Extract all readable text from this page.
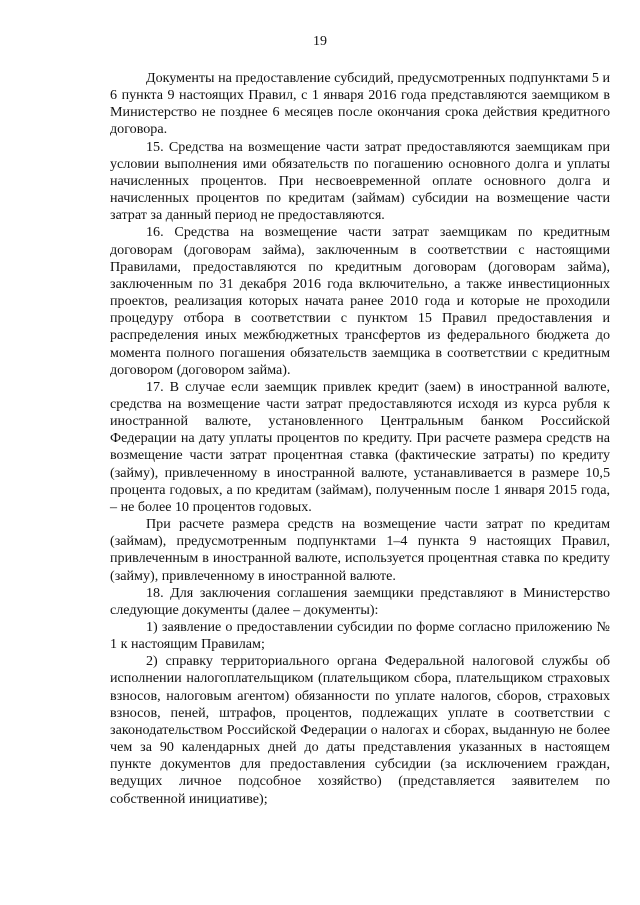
19

Документы на предоставление субсидий, предусмотренных подпунктами 5 и 6 пункта 9 настоящих Правил, с 1 января 2016 года представляются заемщиком в Министерство не позднее 6 месяцев после окончания срока действия кредитного договора.

15. Средства на возмещение части затрат предоставляются заемщикам при условии выполнения ими обязательств по погашению основного долга и уплаты начисленных процентов. При несвоевременной оплате основного долга и начисленных процентов по кредитам (займам) субсидии на возмещение части затрат за данный период не предоставляются.

16. Средства на возмещение части затрат заемщикам по кредитным договорам (договорам займа), заключенным в соответствии с настоящими Правилами, предоставляются по кредитным договорам (договорам займа), заключенным по 31 декабря 2016 года включительно, а также инвестиционных проектов, реализация которых начата ранее 2010 года и которые не проходили процедуру отбора в соответствии с пунктом 15 Правил предоставления и распределения иных межбюджетных трансфертов из федерального бюджета до момента полного погашения обязательств заемщика в соответствии с кредитным договором (договором займа).

17. В случае если заемщик привлек кредит (заем) в иностранной валюте, средства на возмещение части затрат предоставляются исходя из курса рубля к иностранной валюте, установленного Центральным банком Российской Федерации на дату уплаты процентов по кредиту. При расчете размера средств на возмещение части затрат процентная ставка (фактические затраты) по кредиту (займу), привлеченному в иностранной валюте, устанавливается в размере 10,5 процента годовых, а по кредитам (займам), полученным после 1 января 2015 года, – не более 10 процентов годовых.

При расчете размера средств на возмещение части затрат по кредитам (займам), предусмотренным подпунктами 1–4 пункта 9 настоящих Правил, привлеченным в иностранной валюте, используется процентная ставка по кредиту (займу), привлеченному в иностранной валюте.

18. Для заключения соглашения заемщики представляют в Министерство следующие документы (далее – документы):

1) заявление о предоставлении субсидии по форме согласно приложению № 1 к настоящим Правилам;

2) справку территориального органа Федеральной налоговой службы об исполнении налогоплательщиком (плательщиком сбора, плательщиком страховых взносов, налоговым агентом) обязанности по уплате налогов, сборов, страховых взносов, пеней, штрафов, процентов, подлежащих уплате в соответствии с законодательством Российской Федерации о налогах и сборах, выданную не более чем за 90 календарных дней до даты представления указанных в настоящем пункте документов для предоставления субсидии (за исключением граждан, ведущих личное подсобное хозяйство) (представляется заявителем по собственной инициативе);
